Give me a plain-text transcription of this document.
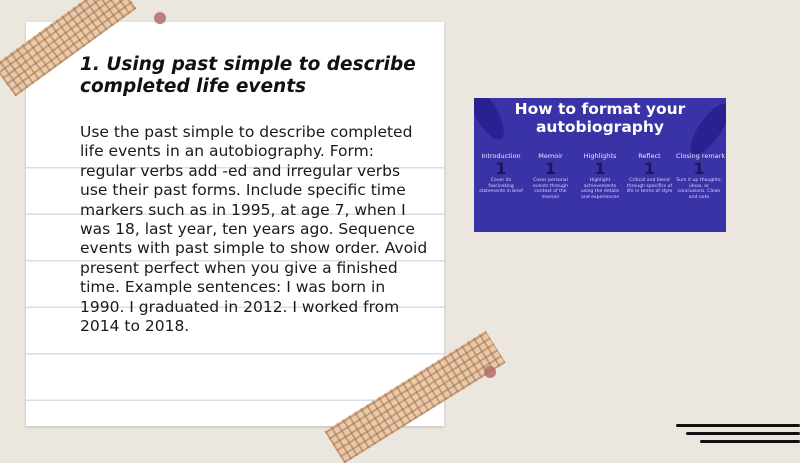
1. Using past simple to describe completed life events
Use the past simple to describe completed life events in an autobiography. Form: regular verbs add -ed and irregular verbs use their past forms. Include specific time markers such as in 1995, at age 7, when I was 18, last year, ten years ago. Sequence events with past simple to show order. Avoid present perfect when you give a finished time. Example sentences: I was born in 1990. I graduated in 2012. I worked from 2014 to 2018.
How to format your
autobiography
Introduction
1
Cover its fascinating statements in brief
Memoir
1
Cover personal events through context of the memoir
Highlights
1
Highlight achievements using the details and experiences
Reflect
1
Critical and blend through specifics of life in terms of style
Closing remark
1
Sum it up thoughts; ideas, or conclusions. Clean and note
